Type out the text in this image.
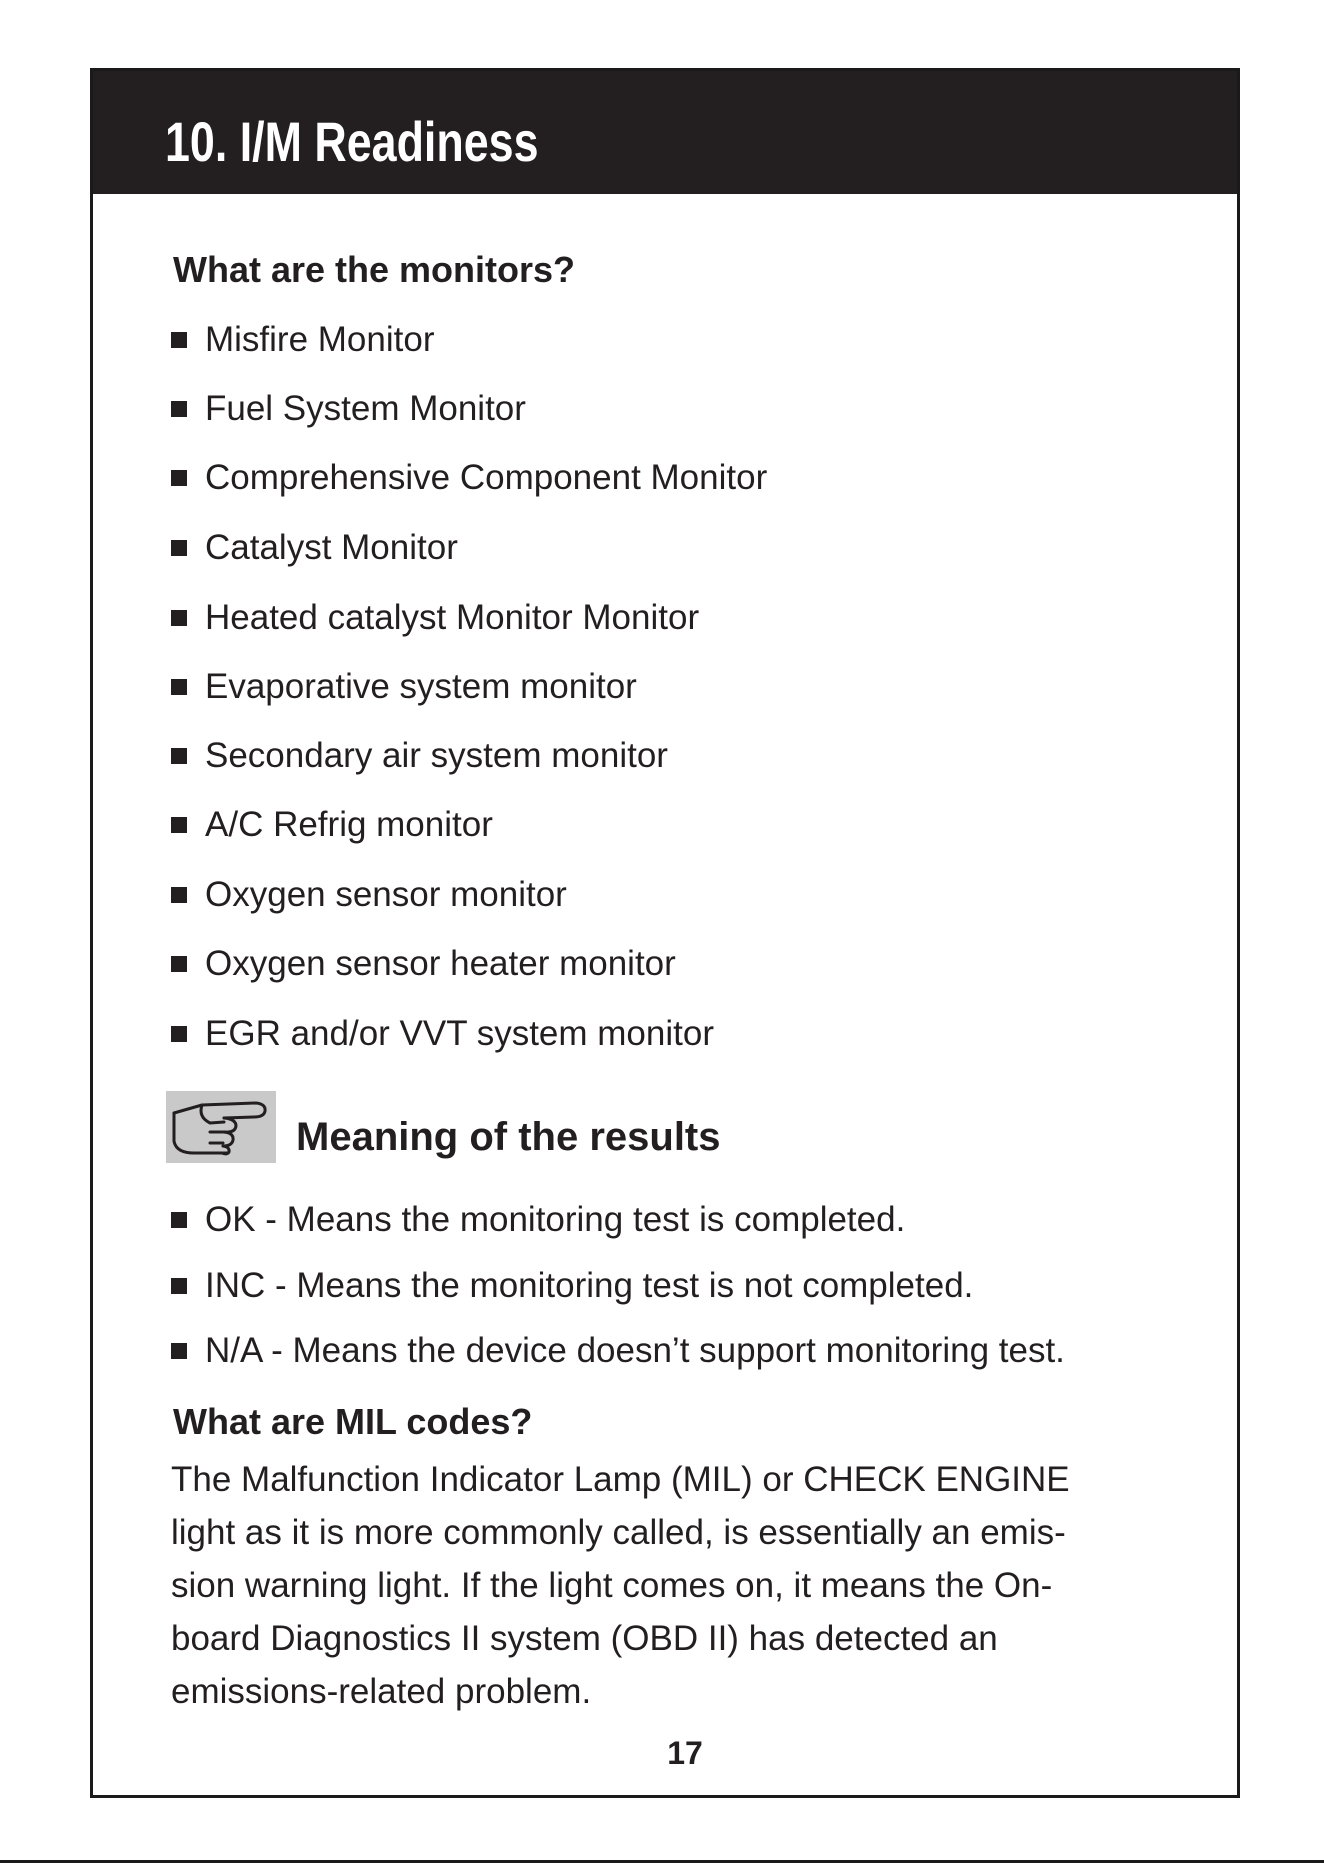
10. I/M Readiness
What are the monitors?
Misfire Monitor
Fuel System Monitor
Comprehensive Component Monitor
Catalyst Monitor
Heated catalyst Monitor Monitor
Evaporative system monitor
Secondary air system monitor
A/C Refrig monitor
Oxygen sensor monitor
Oxygen sensor heater monitor
EGR and/or VVT system monitor
Meaning of the results
OK - Means the monitoring test is completed.
INC - Means the monitoring test is not completed.
N/A - Means the device doesn’t support monitoring test.
What are MIL codes?
The Malfunction Indicator Lamp (MIL) or CHECK ENGINE
light as it is more commonly called, is essentially an emis-
sion warning light. If the light comes on, it means the On-
board Diagnostics II system (OBD II) has detected an
emissions-related problem.
17
